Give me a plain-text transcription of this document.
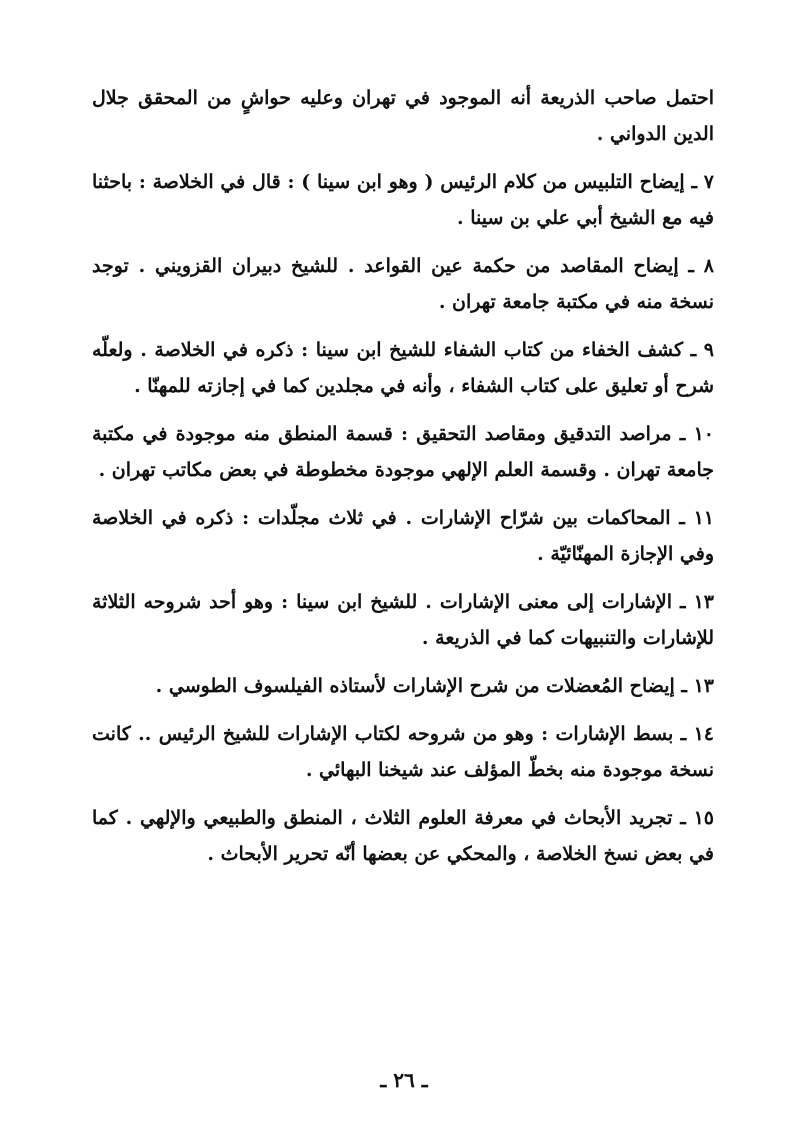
احتمل صاحب الذريعة أنه الموجود في تهران وعليه حواشٍ من المحقق جلال الدين الدواني .

٧ ـ إيضاح التلبيس من كلام الرئيس ( وهو ابن سينا ) : قال في الخلاصة : باحثنا فيه مع الشيخ أبي علي بن سينا .

٨ ـ إيضاح المقاصد من حكمة عين القواعد . للشيخ دبيران القزويني . توجد نسخة منه في مكتبة جامعة تهران .

٩ ـ كشف الخفاء من كتاب الشفاء للشيخ ابن سينا : ذكره في الخلاصة . ولعلّه شرح أو تعليق على كتاب الشفاء ، وأنه في مجلدين كما في إجازته للمهنّا .

١٠ ـ مراصد التدقيق ومقاصد التحقيق : قسمة المنطق منه موجودة في مكتبة جامعة تهران . وقسمة العلم الإلهي موجودة مخطوطة في بعض مكاتب تهران .

١١ ـ المحاكمات بين شرّاح الإشارات . في ثلاث مجلّدات : ذكره في الخلاصة وفي الإجازة المهنّائيّة .

١٣ ـ الإشارات إلى معنى الإشارات . للشيخ ابن سينا : وهو أحد شروحه الثلاثة للإشارات والتنبيهات كما في الذريعة .

١٣ ـ إيضاح المُعضلات من شرح الإشارات لأستاذه الفيلسوف الطوسي .

١٤ ـ بسط الإشارات : وهو من شروحه لكتاب الإشارات للشيخ الرئيس .. كانت نسخة موجودة منه بخطّ المؤلف عند شيخنا البهائي .

١٥ ـ تجريد الأبحاث في معرفة العلوم الثلاث ، المنطق والطبيعي والإلهي . كما في بعض نسخ الخلاصة ، والمحكي عن بعضها أنّه تحرير الأبحاث .

ـ ٢٦ ـ
